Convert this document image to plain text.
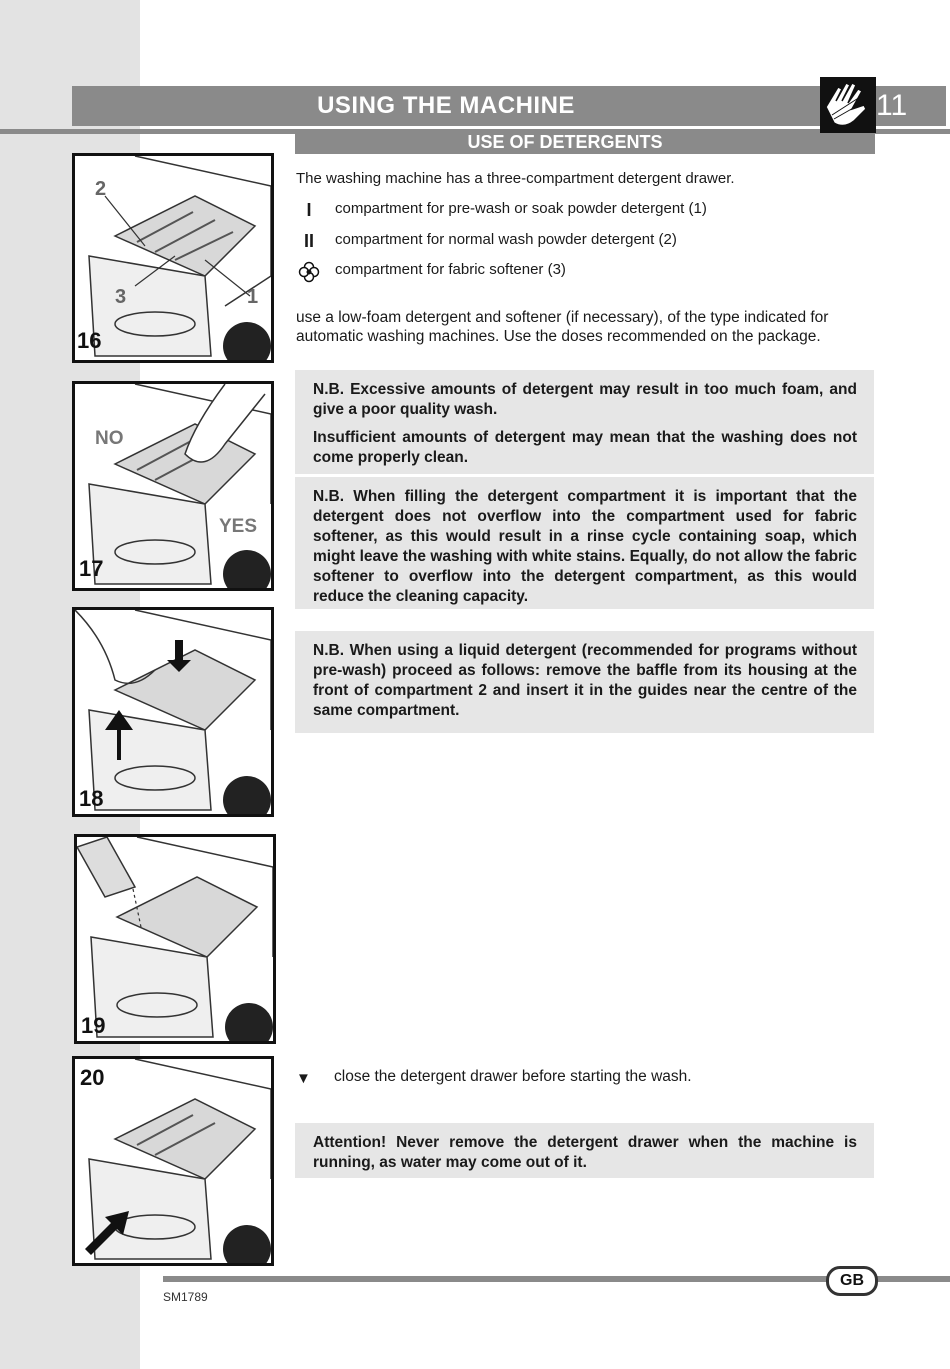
USING THE MACHINE
USE OF DETERGENTS
11
2
3	1
16
NO
YES
17
18
19
20
The washing machine has a three-compartment detergent drawer.
I	compartment for pre-wash or soak powder detergent (1)
II	compartment for normal wash powder detergent (2)
compartment for fabric softener (3)
use a low-foam detergent and softener (if necessary), of the type indicated for automatic washing machines. Use the doses recommended on the package.

N.B. Excessive amounts of detergent may result in too much foam, and give a poor quality wash.

Insufficient amounts of detergent may mean that the washing does not come properly clean.

N.B. When filling the detergent compartment it is important that the detergent does not overflow into the compartment used for fabric softener, as this would result in a rinse cycle containing soap, which might leave the washing with white stains. Equally, do not allow the fabric softener to overflow into the detergent compartment, as this would reduce the cleaning capacity.

N.B. When using a liquid detergent (recommended for programs without pre-wash) proceed as follows: remove the baffle from its housing at the front of compartment 2 and insert it in the guides near the centre of the same compartment.

▼ close the detergent drawer before starting the wash.

Attention! Never remove the detergent drawer when the machine is running, as water may come out of it.

GB
SM1789
